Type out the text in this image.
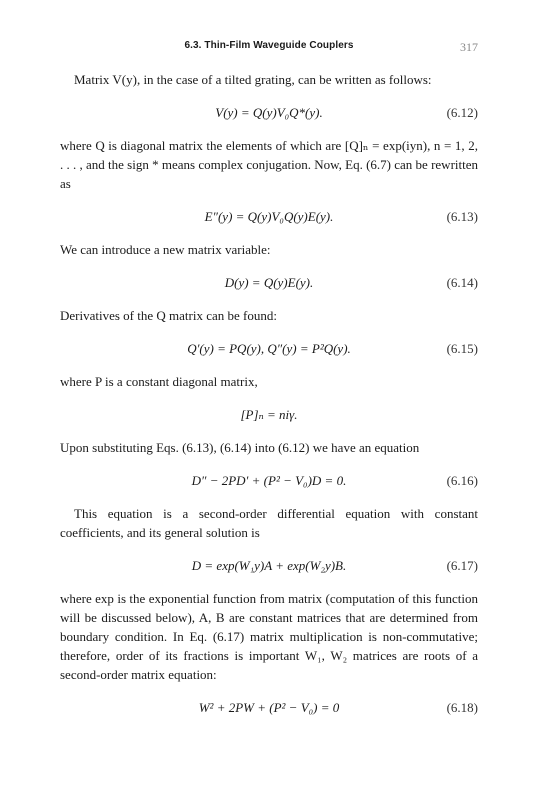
6.3. Thin-Film Waveguide Couplers	317

Matrix V(y), in the case of a tilted grating, can be written as follows:

V(y) = Q(y)V₀Q*(y).	(6.12)

where Q is diagonal matrix the elements of which are [Q]ₙ = exp(iyn), n = 1, 2, . . . , and the sign * means complex conjugation. Now, Eq. (6.7) can be rewritten as

E″(y) = Q(y)V₀Q(y)E(y).	(6.13)

We can introduce a new matrix variable:

D(y) = Q(y)E(y).	(6.14)

Derivatives of the Q matrix can be found:

Q′(y) = PQ(y), Q″(y) = P²Q(y).	(6.15)

where P is a constant diagonal matrix,

[P]ₙ = niγ.

Upon substituting Eqs. (6.13), (6.14) into (6.12) we have an equation

D″ − 2PD′ + (P² − V₀)D = 0.	(6.16)

This equation is a second-order differential equation with constant coefficients, and its general solution is

D = exp(W₁y)A + exp(W₂y)B.	(6.17)

where exp is the exponential function from matrix (computation of this function will be discussed below), A, B are constant matrices that are determined from boundary condition. In Eq. (6.17) matrix multiplication is non-commutative; therefore, order of its fractions is important W₁, W₂ matrices are roots of a second-order matrix equation:

W² + 2PW + (P² − V₀) = 0	(6.18)
